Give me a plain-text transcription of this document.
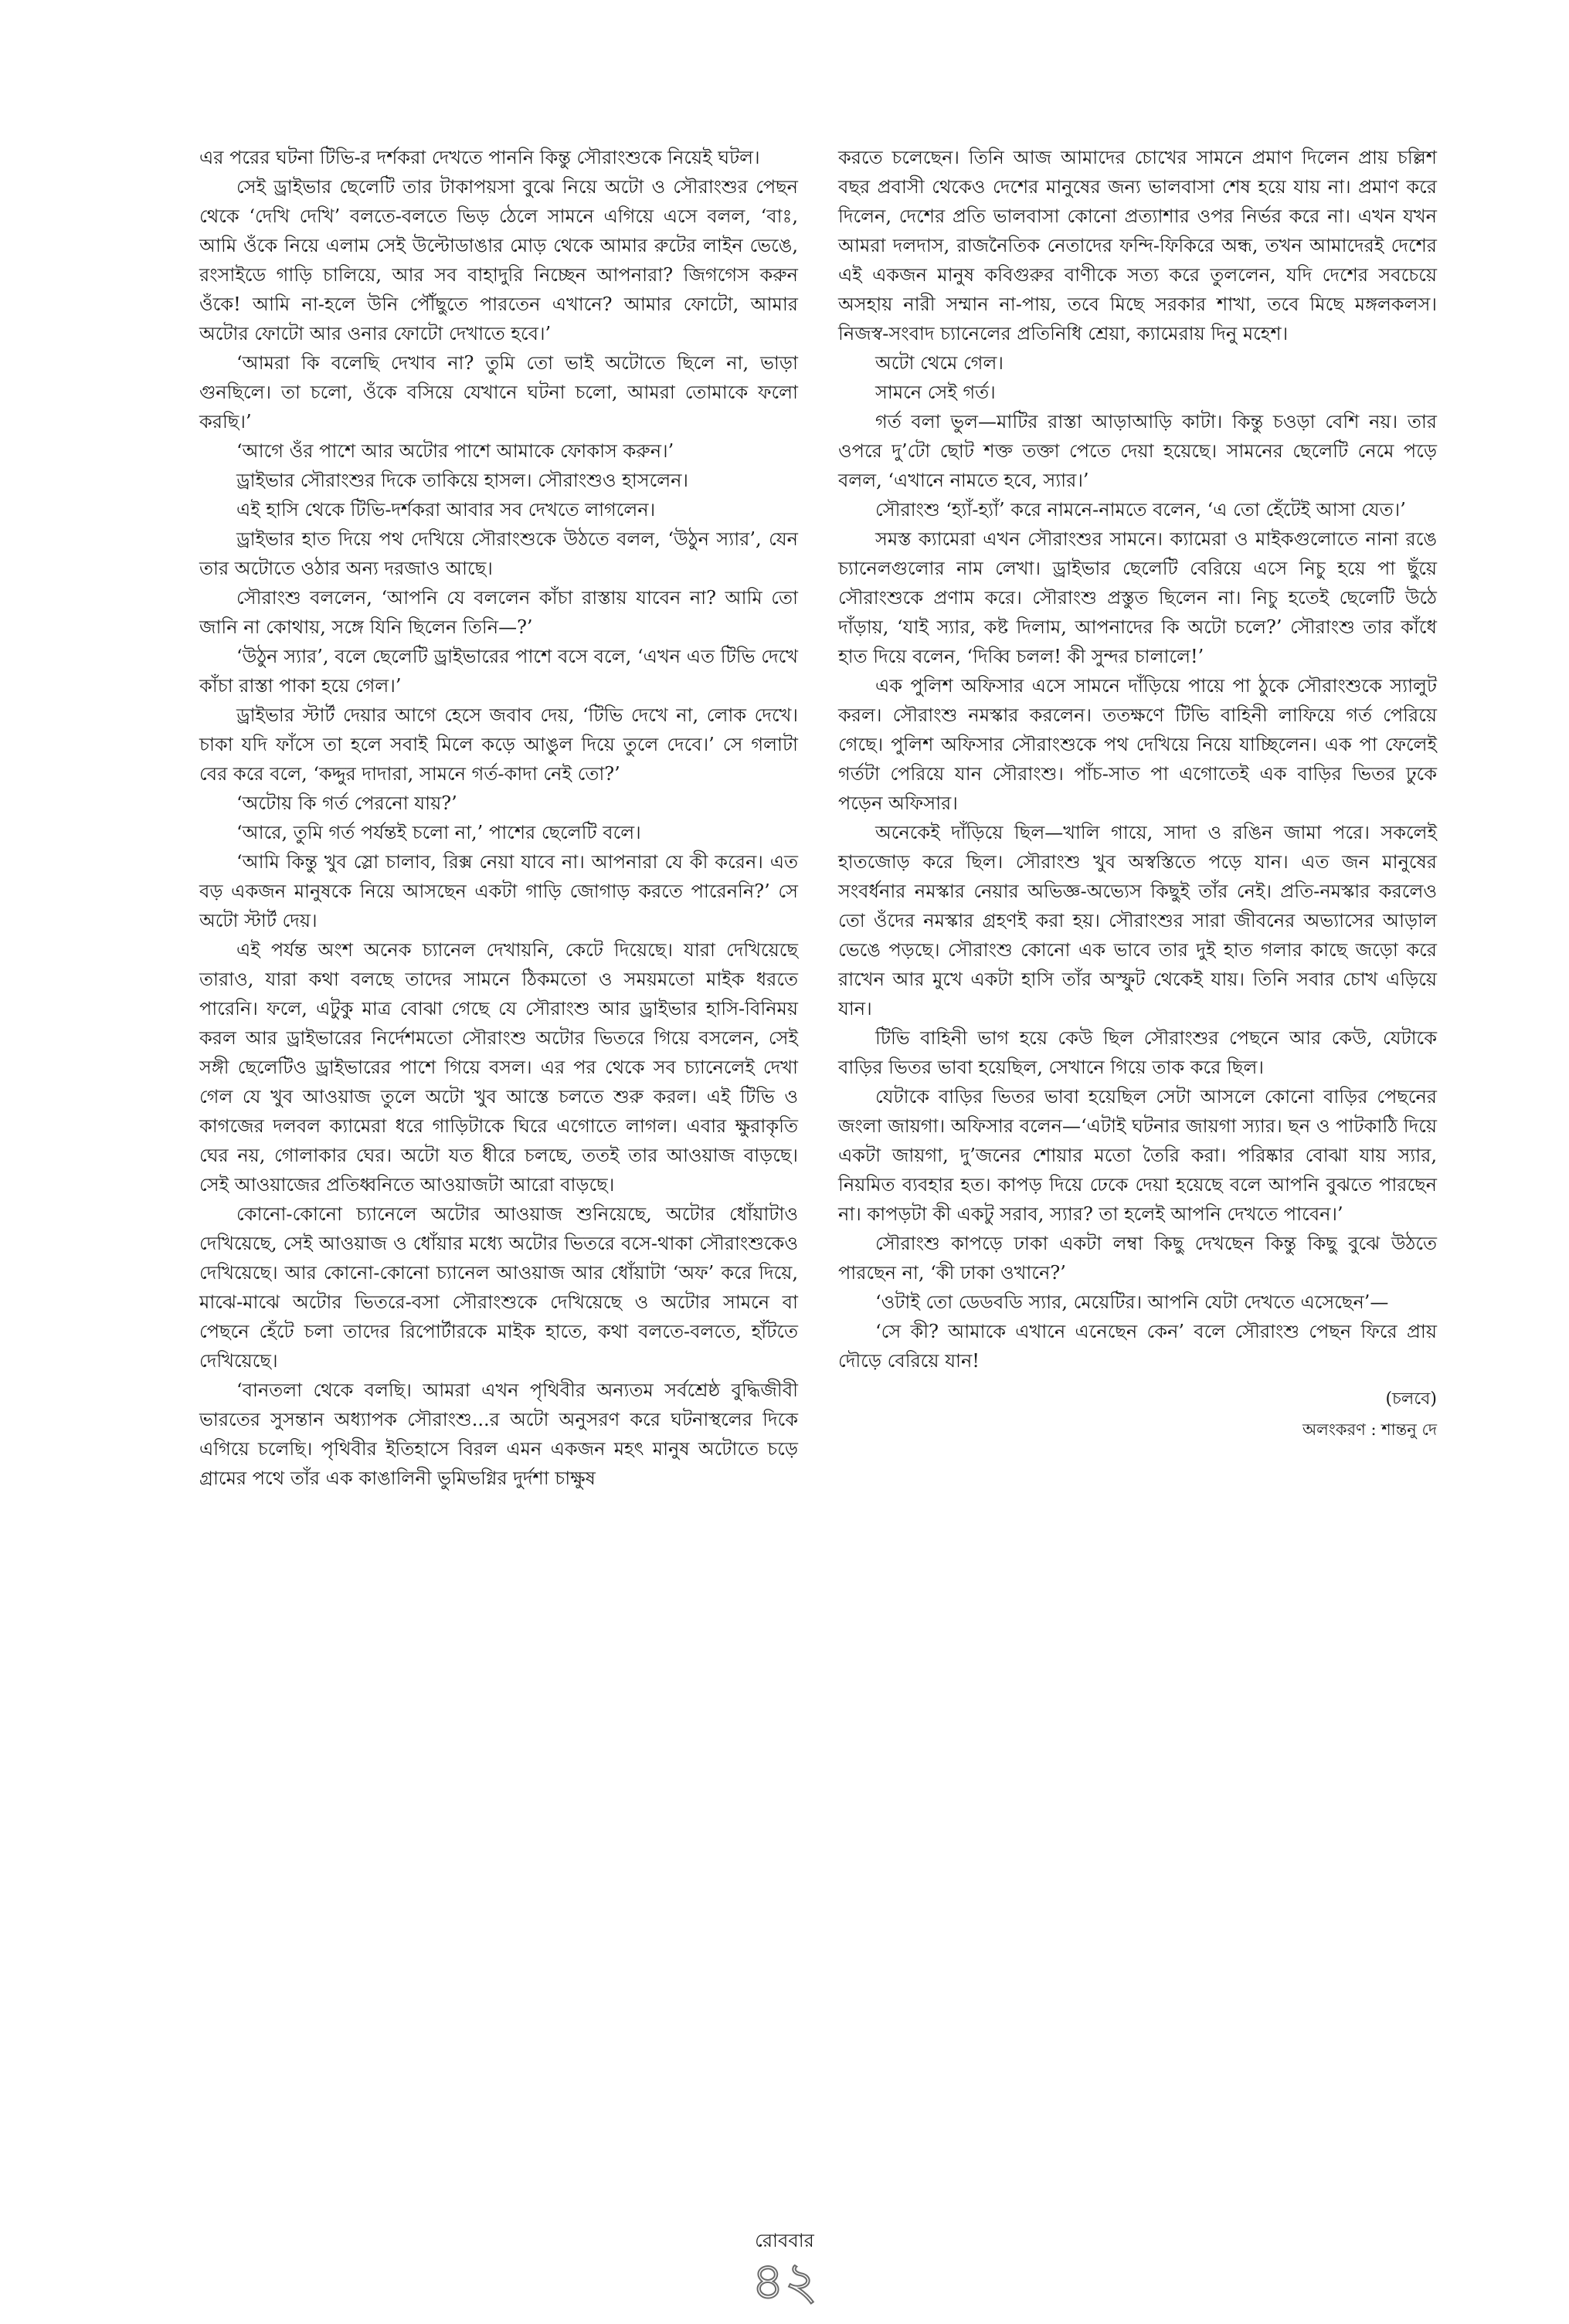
এর পরের ঘটনা টিভি-র দর্শকরা দেখতে পাননি কিন্তু সৌরাংশুকে নিয়েই ঘটল।

সেই ড্রাইভার ছেলেটি তার টাকাপয়সা বুঝে নিয়ে অটো ও সৌরাংশুর পেছন থেকে ‘দেখি দেখি’ বলতে-বলতে ভিড় ঠেলে সামনে এগিয়ে এসে বলল, ‘বাঃ, আমি ওঁকে নিয়ে এলাম সেই উল্টোডাঙার মোড় থেকে আমার রুটের লাইন ভেঙে, রংসাইডে গাড়ি চালিয়ে, আর সব বাহাদুরি নিচ্ছেন আপনারা? জিগগেস করুন ওঁকে! আমি না-হলে উনি পৌঁছুতে পারতেন এখানে? আমার ফোটো, আমার অটোর ফোটো আর ওনার ফোটো দেখাতে হবে।’

‘আমরা কি বলেছি দেখাব না? তুমি তো ভাই অটোতে ছিলে না, ভাড়া গুনছিলে। তা চলো, ওঁকে বসিয়ে যেখানে ঘটনা চলো, আমরা তোমাকে ফলো করছি।’

‘আগে ওঁর পাশে আর অটোর পাশে আমাকে ফোকাস করুন।’

ড্রাইভার সৌরাংশুর দিকে তাকিয়ে হাসল। সৌরাংশুও হাসলেন।

এই হাসি থেকে টিভি-দর্শকরা আবার সব দেখতে লাগলেন।

ড্রাইভার হাত দিয়ে পথ দেখিয়ে সৌরাংশুকে উঠতে বলল, ‘উঠুন স্যার’, যেন তার অটোতে ওঠার অন্য দরজাও আছে।

সৌরাংশু বললেন, ‘আপনি যে বললেন কাঁচা রাস্তায় যাবেন না? আমি তো জানি না কোথায়, সঙ্গে যিনি ছিলেন তিনি—?’

‘উঠুন স্যার’, বলে ছেলেটি ড্রাইভারের পাশে বসে বলে, ‘এখন এত টিভি দেখে কাঁচা রাস্তা পাকা হয়ে গেল।’

ড্রাইভার স্টার্ট দেয়ার আগে হেসে জবাব দেয়, ‘টিভি দেখে না, লোক দেখে। চাকা যদি ফাঁসে তা হলে সবাই মিলে কড়ে আঙুল দিয়ে তুলে দেবে।’ সে গলাটা বের করে বলে, ‘কদ্দুর দাদারা, সামনে গর্ত-কাদা নেই তো?’

‘অটোয় কি গর্ত পেরনো যায়?’

‘আরে, তুমি গর্ত পর্যন্তই চলো না,’ পাশের ছেলেটি বলে।

‘আমি কিন্তু খুব স্লো চালাব, রিক্স নেয়া যাবে না। আপনারা যে কী করেন। এত বড় একজন মানুষকে নিয়ে আসছেন একটা গাড়ি জোগাড় করতে পারেননি?’ সে অটো স্টার্ট দেয়।

এই পর্যন্ত অংশ অনেক চ্যানেল দেখায়নি, কেটে দিয়েছে। যারা দেখিয়েছে তারাও, যারা কথা বলছে তাদের সামনে ঠিকমতো ও সময়মতো মাইক ধরতে পারেনি। ফলে, এটুকু মাত্র বোঝা গেছে যে সৌরাংশু আর ড্রাইভার হাসি-বিনিময় করল আর ড্রাইভারের নির্দেশমতো সৌরাংশু অটোর ভিতরে গিয়ে বসলেন, সেই সঙ্গী ছেলেটিও ড্রাইভারের পাশে গিয়ে বসল। এর পর থেকে সব চ্যানেলেই দেখা গেল যে খুব আওয়াজ তুলে অটো খুব আস্তে চলতে শুরু করল। এই টিভি ও কাগজের দলবল ক্যামেরা ধরে গাড়িটাকে ঘিরে এগোতে লাগল। এবার ক্ষুরাকৃতি ঘের নয়, গোলাকার ঘের। অটো যত ধীরে চলছে, ততই তার আওয়াজ বাড়ছে। সেই আওয়াজের প্রতিধ্বনিতে আওয়াজটা আরো বাড়ছে।

কোনো-কোনো চ্যানেলে অটোর আওয়াজ শুনিয়েছে, অটোর ধোঁয়াটাও দেখিয়েছে, সেই আওয়াজ ও ধোঁয়ার মধ্যে অটোর ভিতরে বসে-থাকা সৌরাংশুকেও দেখিয়েছে। আর কোনো-কোনো চ্যানেল আওয়াজ আর ধোঁয়াটা ‘অফ’ করে দিয়ে, মাঝে-মাঝে অটোর ভিতরে-বসা সৌরাংশুকে দেখিয়েছে ও অটোর সামনে বা পেছনে হেঁটে চলা তাদের রিপোর্টারকে মাইক হাতে, কথা বলতে-বলতে, হাঁটতে দেখিয়েছে।

‘বানতলা থেকে বলছি। আমরা এখন পৃথিবীর অন্যতম সর্বশ্রেষ্ঠ বুদ্ধিজীবী ভারতের সুসন্তান অধ্যাপক সৌরাংশু...র অটো অনুসরণ করে ঘটনাস্থলের দিকে এগিয়ে চলেছি। পৃথিবীর ইতিহাসে বিরল এমন একজন মহৎ মানুষ অটোতে চড়ে গ্রামের পথে তাঁর এক কাঙালিনী ভুমিভগ্নির দুর্দশা চাক্ষুষ

করতে চলেছেন। তিনি আজ আমাদের চোখের সামনে প্রমাণ দিলেন প্রায় চল্লিশ বছর প্রবাসী থেকেও দেশের মানুষের জন্য ভালবাসা শেষ হয়ে যায় না। প্রমাণ করে দিলেন, দেশের প্রতি ভালবাসা কোনো প্রত্যাশার ওপর নির্ভর করে না। এখন যখন আমরা দলদাস, রাজনৈতিক নেতাদের ফন্দি-ফিকিরে অন্ধ, তখন আমাদেরই দেশের এই একজন মানুষ কবিগুরুর বাণীকে সত্য করে তুললেন, যদি দেশের সবচেয়ে অসহায় নারী সম্মান না-পায়, তবে মিছে সরকার শাখা, তবে মিছে মঙ্গলকলস। নিজস্ব-সংবাদ চ্যানেলের প্রতিনিধি শ্রেয়া, ক্যামেরায় দিনু মহেশ।

অটো থেমে গেল।

সামনে সেই গর্ত।

গর্ত বলা ভুল—মাটির রাস্তা আড়াআড়ি কাটা। কিন্তু চওড়া বেশি নয়। তার ওপরে দু’টো ছোট শক্ত তক্তা পেতে দেয়া হয়েছে। সামনের ছেলেটি নেমে পড়ে বলল, ‘এখানে নামতে হবে, স্যার।’

সৌরাংশু ‘হ্যাঁ-হ্যাঁ’ করে নামনে-নামতে বলেন, ‘এ তো হেঁটেই আসা যেত।’

সমস্ত ক্যামেরা এখন সৌরাংশুর সামনে। ক্যামেরা ও মাইকগুলোতে নানা রঙে চ্যানেলগুলোর নাম লেখা। ড্রাইভার ছেলেটি বেরিয়ে এসে নিচু হয়ে পা ছুঁয়ে সৌরাংশুকে প্রণাম করে। সৌরাংশু প্রস্তুত ছিলেন না। নিচু হতেই ছেলেটি উঠে দাঁড়ায়, ‘যাই স্যার, কষ্ট দিলাম, আপনাদের কি অটো চলে?’ সৌরাংশু তার কাঁধে হাত দিয়ে বলেন, ‘দিব্বি চলল! কী সুন্দর চালালে!’

এক পুলিশ অফিসার এসে সামনে দাঁড়িয়ে পায়ে পা ঠুকে সৌরাংশুকে স্যালুট করল। সৌরাংশু নমস্কার করলেন। ততক্ষণে টিভি বাহিনী লাফিয়ে গর্ত পেরিয়ে গেছে। পুলিশ অফিসার সৌরাংশুকে পথ দেখিয়ে নিয়ে যাচ্ছিলেন। এক পা ফেলেই গর্তটা পেরিয়ে যান সৌরাংশু। পাঁচ-সাত পা এগোতেই এক বাড়ির ভিতর ঢুকে পড়েন অফিসার।

অনেকেই দাঁড়িয়ে ছিল—খালি গায়ে, সাদা ও রঙিন জামা পরে। সকলেই হাতজোড় করে ছিল। সৌরাংশু খুব অস্বস্তিতে পড়ে যান। এত জন মানুষের সংবর্ধনার নমস্কার নেয়ার অভিজ্ঞ-অভ্যেস কিছুই তাঁর নেই। প্রতি-নমস্কার করলেও তো ওঁদের নমস্কার গ্রহণই করা হয়। সৌরাংশুর সারা জীবনের অভ্যাসের আড়াল ভেঙে পড়ছে। সৌরাংশু কোনো এক ভাবে তার দুই হাত গলার কাছে জড়ো করে রাখেন আর মুখে একটা হাসি তাঁর অস্ফুট থেকেই যায়। তিনি সবার চোখ এড়িয়ে যান।

টিভি বাহিনী ভাগ হয়ে কেউ ছিল সৌরাংশুর পেছনে আর কেউ, যেটাকে বাড়ির ভিতর ভাবা হয়েছিল, সেখানে গিয়ে তাক করে ছিল।

যেটাকে বাড়ির ভিতর ভাবা হয়েছিল সেটা আসলে কোনো বাড়ির পেছনের জংলা জায়গা। অফিসার বলেন—‘এটাই ঘটনার জায়গা স্যার। ছন ও পাটকাঠি দিয়ে একটা জায়গা, দু’জনের শোয়ার মতো তৈরি করা। পরিষ্কার বোঝা যায় স্যার, নিয়মিত ব্যবহার হত। কাপড় দিয়ে ঢেকে দেয়া হয়েছে বলে আপনি বুঝতে পারছেন না। কাপড়টা কী একটু সরাব, স্যার? তা হলেই আপনি দেখতে পাবেন।’

সৌরাংশু কাপড়ে ঢাকা একটা লম্বা কিছু দেখছেন কিন্তু কিছু বুঝে উঠতে পারছেন না, ‘কী ঢাকা ওখানে?’

‘ওটাই তো ডেডবডি স্যার, মেয়েটির। আপনি যেটা দেখতে এসেছেন’—

‘সে কী? আমাকে এখানে এনেছেন কেন’ বলে সৌরাংশু পেছন ফিরে প্রায় দৌড়ে বেরিয়ে যান!

(চলবে)

অলংকরণ : শান্তনু দে

রোববার
৪২
